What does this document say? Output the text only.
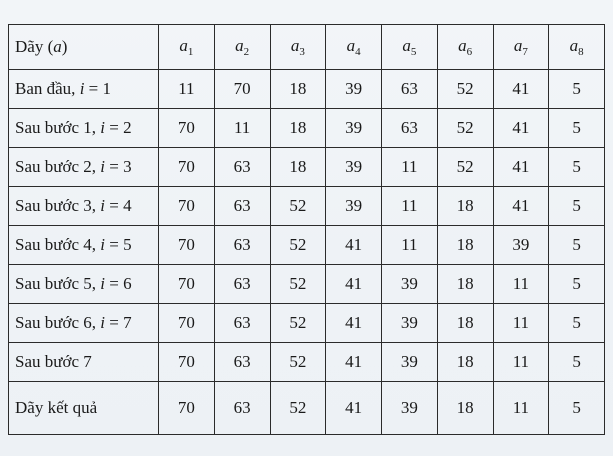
Dãy (a)	$a_1$	$a_2$	$a_3$	$a_4$	$a_5$	$a_6$	$a_7$	$a_8$
Ban đầu, i = 1	11	70	18	39	63	52	41	5
Sau bước 1, i = 2	70	11	18	39	63	52	41	5
Sau bước 2, i = 3	70	63	18	39	11	52	41	5
Sau bước 3, i = 4	70	63	52	39	11	18	41	5
Sau bước 4, i = 5	70	63	52	41	11	18	39	5
Sau bước 5, i = 6	70	63	52	41	39	18	11	5
Sau bước 6, i = 7	70	63	52	41	39	18	11	5
Sau bước 7	70	63	52	41	39	18	11	5
Dãy kết quả	70	63	52	41	39	18	11	5
